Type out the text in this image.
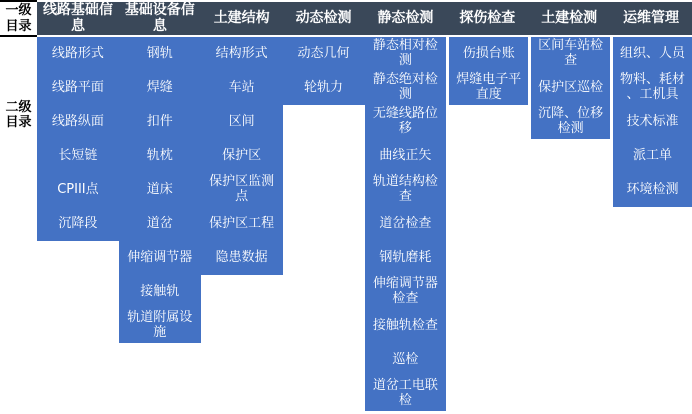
一级目录
二级目录
线路基础信息
线路形式
线路平面
线路纵面
长短链
CPIII点
沉降段
基础设备信息
钢轨
焊缝
扣件
轨枕
道床
道岔
伸缩调节器
接触轨
轨道附属设施
土建结构
结构形式
车站
区间
保护区
保护区监测点
保护区工程
隐患数据
动态检测
动态几何
轮轨力
静态检测
静态相对检测
静态绝对检测
无缝线路位移
曲线正矢
轨道结构检查
道岔检查
钢轨磨耗
伸缩调节器检查
接触轨检查
巡检
道岔工电联检
探伤检查
伤损台账
焊缝电子平直度
土建检测
区间车站检查
保护区巡检
沉降、位移检测
运维管理
组织、人员
物料、耗材、工机具
技术标准
派工单
环境检测
